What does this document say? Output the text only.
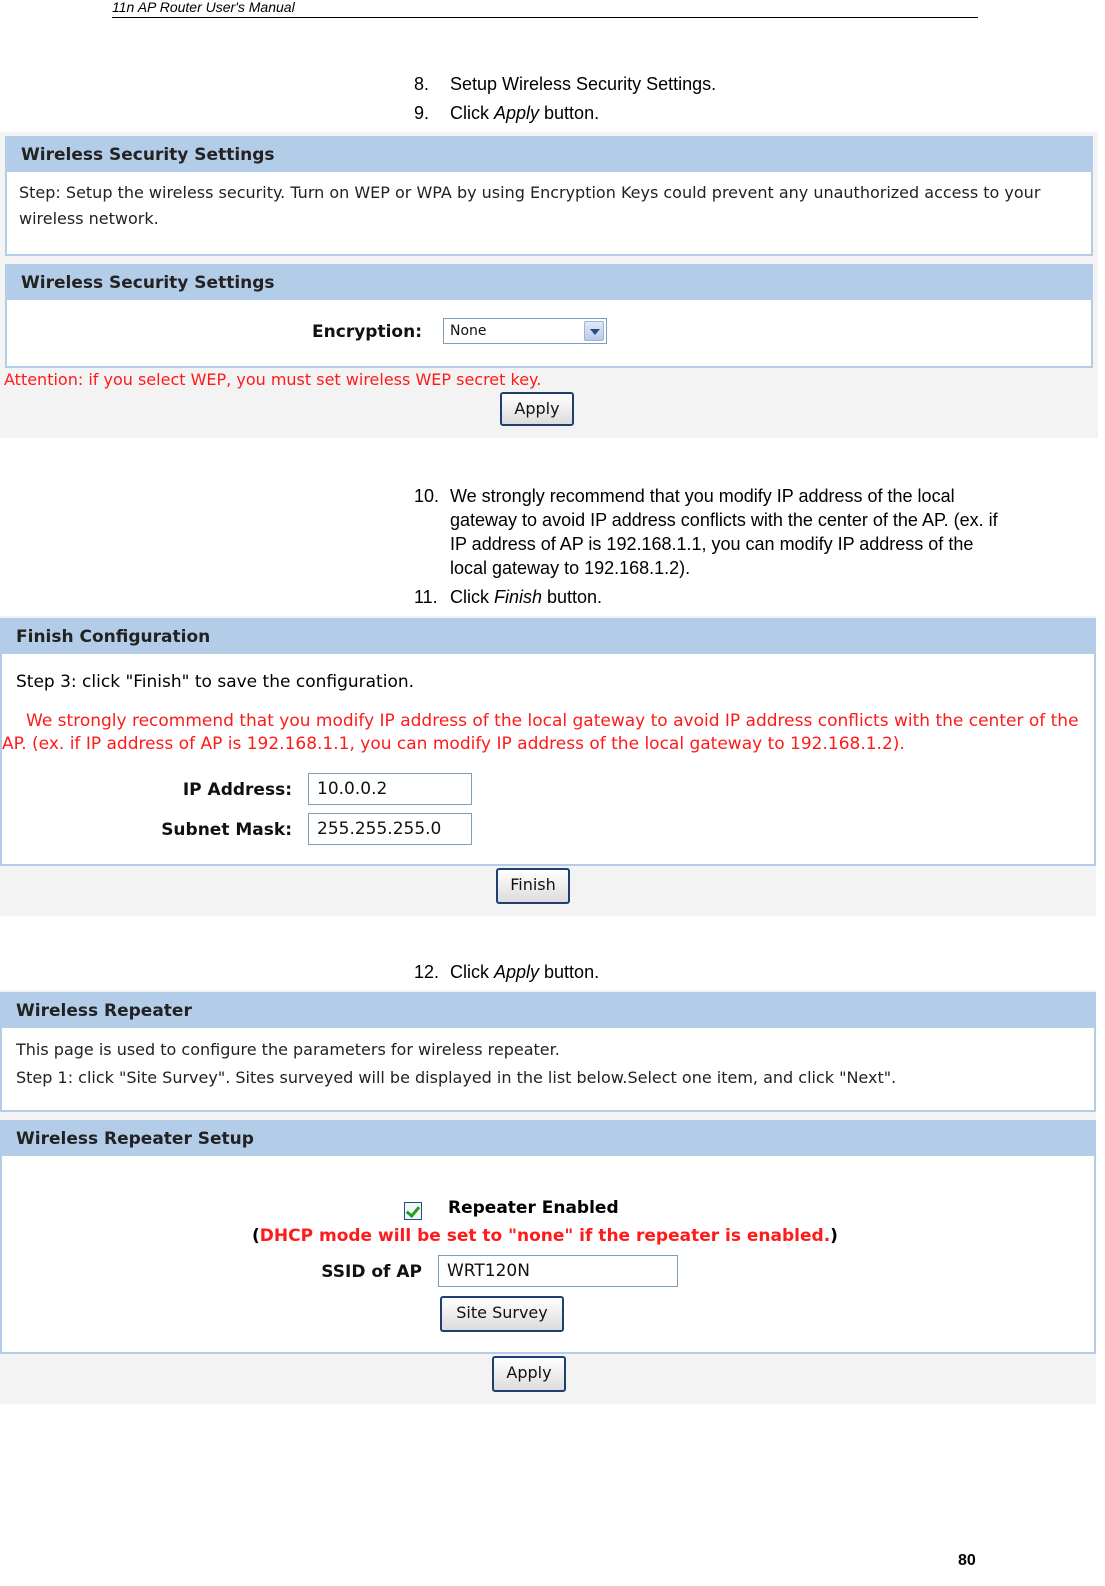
11n AP Router User's Manual
8. Setup Wireless Security Settings.
9. Click Apply button.
Wireless Security Settings
Step: Setup the wireless security. Turn on WEP or WPA by using Encryption Keys could prevent any unauthorized access to your wireless network.
Wireless Security Settings
Encryption:	None
Attention: if you select WEP, you must set wireless WEP secret key.
Apply
10. We strongly recommend that you modify IP address of the local gateway to avoid IP address conflicts with the center of the AP. (ex. if IP address of AP is 192.168.1.1, you can modify IP address of the local gateway to 192.168.1.2).
11. Click Finish button.
Finish Configuration
Step 3: click "Finish" to save the configuration.
We strongly recommend that you modify IP address of the local gateway to avoid IP address conflicts with the center of the AP. (ex. if IP address of AP is 192.168.1.1, you can modify IP address of the local gateway to 192.168.1.2).
IP Address:	10.0.0.2
Subnet Mask:	255.255.255.0
Finish
12. Click Apply button.
Wireless Repeater
This page is used to configure the parameters for wireless repeater.
Step 1: click "Site Survey". Sites surveyed will be displayed in the list below.Select one item, and click "Next".
Wireless Repeater Setup
Repeater Enabled
(DHCP mode will be set to "none" if the repeater is enabled.)
SSID of AP	WRT120N
Site Survey
Apply
80
